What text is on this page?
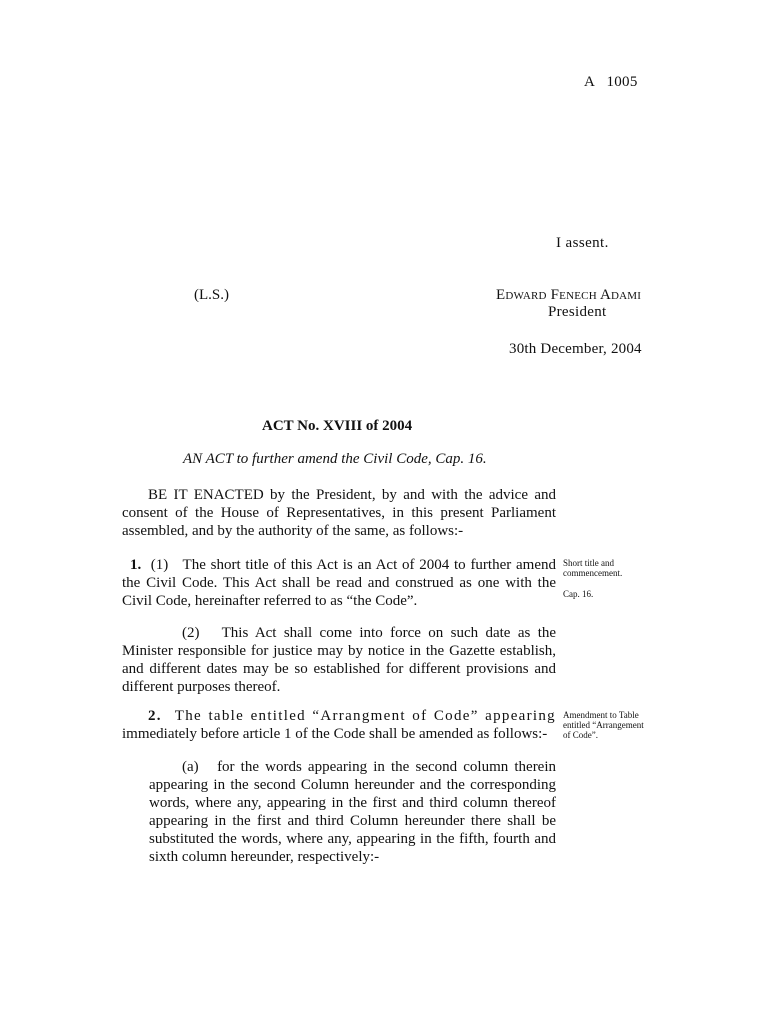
A   1005
I assent.
(L.S.)	Edward Fenech Adami
President
30th December, 2004
ACT No. XVIII of 2004
AN ACT to further amend the Civil Code, Cap. 16.
BE IT ENACTED by the President, by and with the advice and consent of the House of Representatives, in this present Parliament assembled, and by the authority of the same, as follows:-
1. (1) The short title of this Act is an Act of 2004 to further amend the Civil Code. This Act shall be read and construed as one with the Civil Code, hereinafter referred to as “the Code”.
(2) This Act shall come into force on such date as the Minister responsible for justice may by notice in the Gazette establish, and different dates may be so established for different provisions and different purposes thereof.
2. The table entitled “Arrangment of Code” appearing immediately before article 1 of the Code shall be amended as follows:-
(a) for the words appearing in the second column therein appearing in the second Column hereunder and the corresponding words, where any, appearing in the first and third column thereof appearing in the first and third Column hereunder there shall be substituted the words, where any, appearing in the fifth, fourth and sixth column hereunder, respectively:-
Short title and commencement.
Cap. 16.
Amendment to Table entitled “Arrangement of Code”.
